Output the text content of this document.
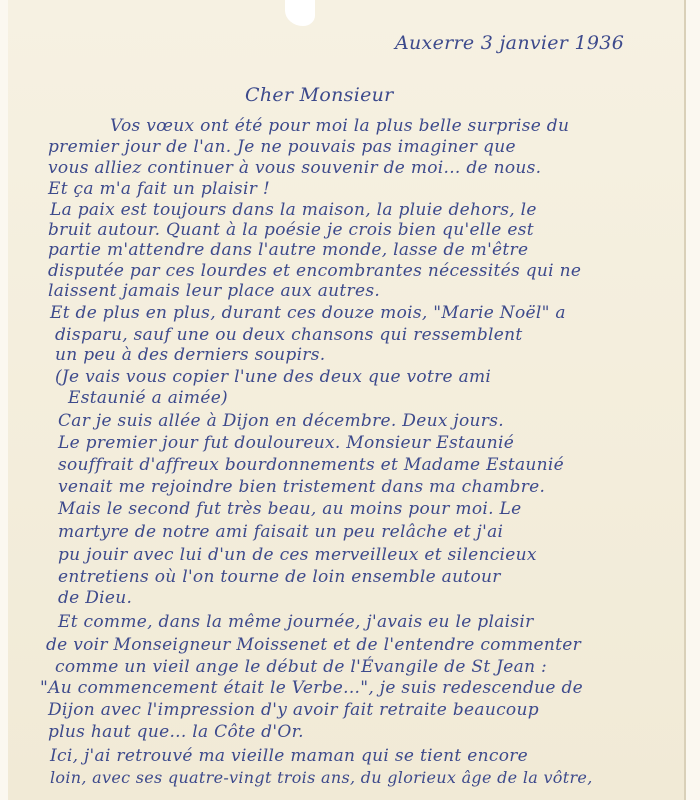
Auxerre 3 janvier 1936
Cher Monsieur
Vos vœux ont été pour moi la plus belle surprise du
premier jour de l'an. Je ne pouvais pas imaginer que
vous alliez continuer à vous souvenir de moi... de nous.
Et ça m'a fait un plaisir !
La paix est toujours dans la maison, la pluie dehors, le
bruit autour. Quant à la poésie je crois bien qu'elle est
partie m'attendre dans l'autre monde, lasse de m'être
disputée par ces lourdes et encombrantes nécessités qui ne
laissent jamais leur place aux autres.
Et de plus en plus, durant ces douze mois, "Marie Noël" a
disparu, sauf une ou deux chansons qui ressemblent
un peu à des derniers soupirs.
(Je vais vous copier l'une des deux que votre ami
Estaunié a aimée)
Car je suis allée à Dijon en décembre. Deux jours.
Le premier jour fut douloureux. Monsieur Estaunié
souffrait d'affreux bourdonnements et Madame Estaunié
venait me rejoindre bien tristement dans ma chambre.
Mais le second fut très beau, au moins pour moi. Le
martyre de notre ami faisait un peu relâche et j'ai
pu jouir avec lui d'un de ces merveilleux et silencieux
entretiens où l'on tourne de loin ensemble autour
de Dieu.
Et comme, dans la même journée, j'avais eu le plaisir
de voir Monseigneur Moissenet et de l'entendre commenter
comme un vieil ange le début de l'Évangile de St Jean :
"Au commencement était le Verbe...", je suis redescendue de
Dijon avec l'impression d'y avoir fait retraite beaucoup
plus haut que... la Côte d'Or.
Ici, j'ai retrouvé ma vieille maman qui se tient encore
loin, avec ses quatre-vingt trois ans, du glorieux âge de la vôtre,
